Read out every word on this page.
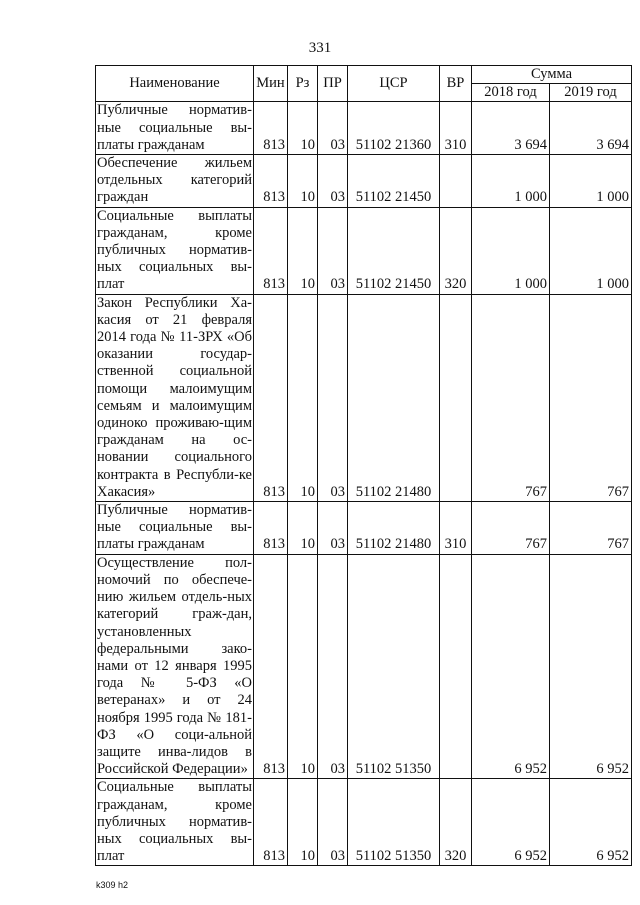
331
Наименование	Мин	Рз	ПР	ЦСР	ВР	Сумма	
						2018 год	2019 год
Публичные норматив-ные социальные вы-платы гражданам	813	10	03	51102 21360	310	3 694	3 694
Обеспечение жильем отдельных категорий граждан	813	10	03	51102 21450		1 000	1 000
Социальные выплаты гражданам, кроме публичных норматив-ных социальных вы-плат	813	10	03	51102 21450	320	1 000	1 000
Закон Республики Ха-касия от 21 февраля 2014 года № 11-ЗРХ «Об оказании государ-ственной социальной помощи малоимущим семьям и малоимущим одиноко проживаю-щим гражданам на ос-новании социального контракта в Республи-ке Хакасия»	813	10	03	51102 21480		767	767
Публичные норматив-ные социальные вы-платы гражданам	813	10	03	51102 21480	310	767	767
Осуществление пол-номочий по обеспече-нию жильем отдель-ных категорий граж-дан, установленных федеральными зако-нами от 12 января 1995 года № 5-ФЗ «О ветеранах» и от 24 ноября 1995 года № 181-ФЗ «О соци-альной защите инва-лидов в Российской Федерации»	813	10	03	51102 51350		6 952	6 952
Социальные выплаты гражданам, кроме публичных норматив-ных социальных вы-плат	813	10	03	51102 51350	320	6 952	6 952
k309 h2
